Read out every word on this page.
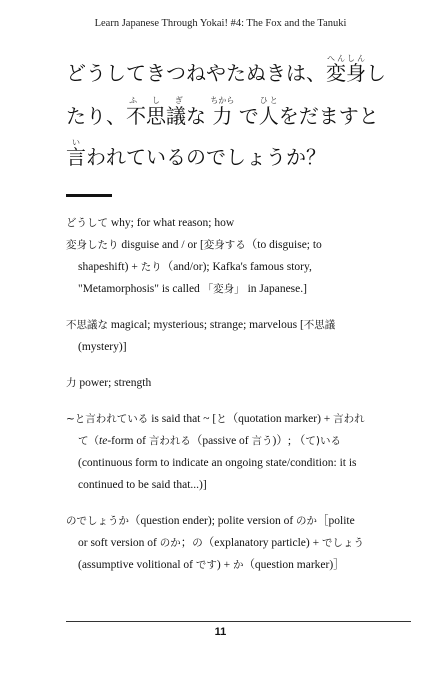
Learn Japanese Through Yokai! #4: The Fox and the Tanuki
どうしてきつねやたぬきは、変身へんしんし
たり、不思議ふ し ぎな 力ちから で人ひとをだますと
言いわれているのでしょうか？
どうして why; for what reason; how
変身したり disguise and / or [変身する（to disguise; to
shapeshift) + たり（and/or); Kafka's famous story,
"Metamorphosis" is called 「変身」 in Japanese.]
不思議な magical; mysterious; strange; marvelous [不思議
(mystery)]
力 power; strength
~と言われている is said that ~ [と（quotation marker) + 言われ
て（te-form of 言われる（passive of 言う)）; （て)いる
(continuous form to indicate an ongoing state/condition: it is
continued to be said that...)]
のでしょうか（question ender); polite version of のか［polite
or soft version of のか；の（explanatory particle) + でしょう
(assumptive volitional of です) + か（question marker)］
11
